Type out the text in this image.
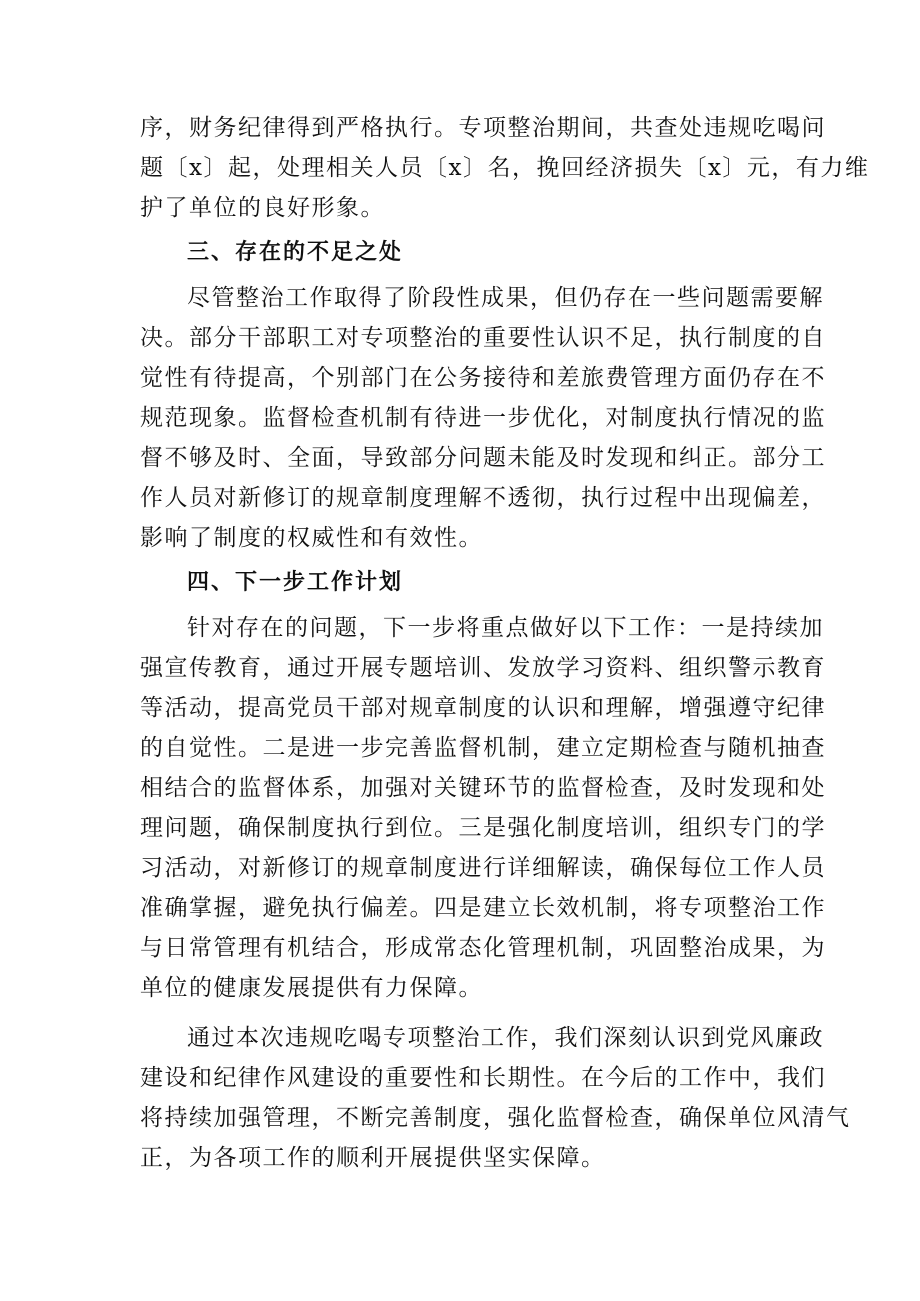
序，财务纪律得到严格执行。专项整治期间，共查处违规吃喝问
题〔x〕起，处理相关人员〔x〕名，挽回经济损失〔x〕元，有力维
护了单位的良好形象。
三、存在的不足之处
尽管整治工作取得了阶段性成果，但仍存在一些问题需要解
决。部分干部职工对专项整治的重要性认识不足，执行制度的自
觉性有待提高，个别部门在公务接待和差旅费管理方面仍存在不
规范现象。监督检查机制有待进一步优化，对制度执行情况的监
督不够及时、全面，导致部分问题未能及时发现和纠正。部分工
作人员对新修订的规章制度理解不透彻，执行过程中出现偏差，
影响了制度的权威性和有效性。
四、下一步工作计划
针对存在的问题，下一步将重点做好以下工作：一是持续加
强宣传教育，通过开展专题培训、发放学习资料、组织警示教育
等活动，提高党员干部对规章制度的认识和理解，增强遵守纪律
的自觉性。二是进一步完善监督机制，建立定期检查与随机抽查
相结合的监督体系，加强对关键环节的监督检查，及时发现和处
理问题，确保制度执行到位。三是强化制度培训，组织专门的学
习活动，对新修订的规章制度进行详细解读，确保每位工作人员
准确掌握，避免执行偏差。四是建立长效机制，将专项整治工作
与日常管理有机结合，形成常态化管理机制，巩固整治成果，为
单位的健康发展提供有力保障。
通过本次违规吃喝专项整治工作，我们深刻认识到党风廉政
建设和纪律作风建设的重要性和长期性。在今后的工作中，我们
将持续加强管理，不断完善制度，强化监督检查，确保单位风清气
正，为各项工作的顺利开展提供坚实保障。
